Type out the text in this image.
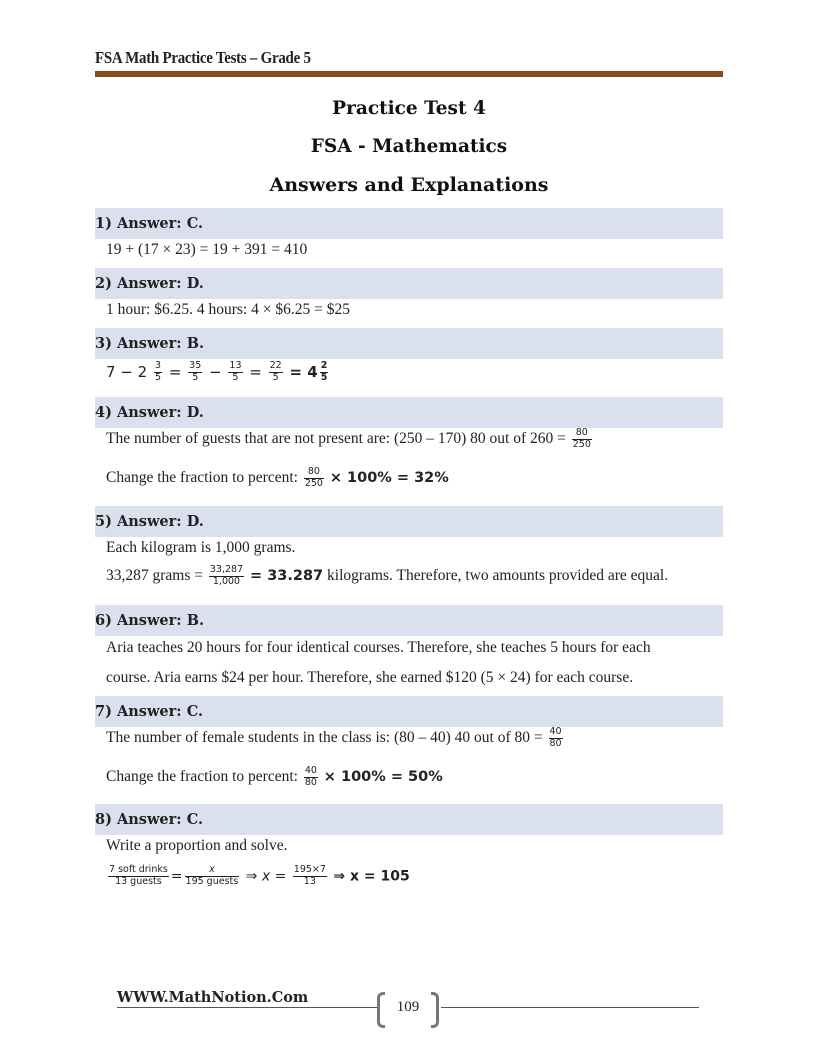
FSA Math Practice Tests – Grade 5
Practice Test 4
FSA - Mathematics
Answers and Explanations
1) Answer: C.
19 + (17 × 23) = 19 + 391 = 410
2) Answer: D.
1 hour: $6.25. 4 hours: 4 × $6.25 = $25
3) Answer: B.
$7 - 2 \frac{3}{5} = \frac{35}{5} - \frac{13}{5} = \frac{22}{5} = 4 \frac{2}{5}$
4) Answer: D.
The number of guests that are not present are: (250 – 170) 80 out of $260 = \frac{80}{250}$
Change the fraction to percent: $\frac{80}{250} \times 100\% = 32\%$
5) Answer: D.
Each kilogram is 1,000 grams.
33,287 grams = $\frac{33,287}{1,000} = 33.287$ kilograms. Therefore, two amounts provided are equal.
6) Answer: B.
Aria teaches 20 hours for four identical courses. Therefore, she teaches 5 hours for each
course. Aria earns $24 per hour. Therefore, she earned $120 (5 × 24) for each course.
7) Answer: C.
The number of female students in the class is: (80 – 40) 40 out of $80 = \frac{40}{80}$
Change the fraction to percent: $\frac{40}{80} \times 100\% = 50\%$
8) Answer: C.
Write a proportion and solve.
$\frac{\text{7 soft drinks}}{\text{13 guests}} = \frac{x}{\text{195 guests}}$ ⇒ $x = \frac{195\times 7}{13}$ ⇒ x = 105
WWW.MathNotion.Com
109
